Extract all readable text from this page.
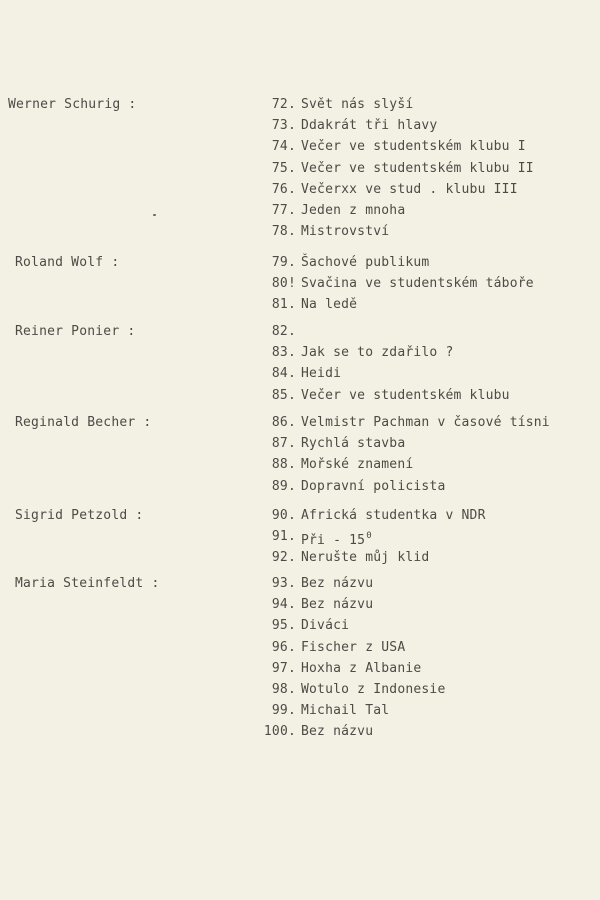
Werner Schurig :	72. Svět nás slyší
73. Ddakrát tři hlavy
74. Večer ve studentském klubu I
75. Večer ve studentském klubu II
76. Večerxx ve stud . klubu III
77. Jeden z mnoha
78. Mistrovství
Roland Wolf :	79. Šachové publikum
80! Svačina ve studentském táboře
81. Na ledě
Reiner Ponier :	82.
83. Jak se to zdařilo ?
84. Heidi
85. Večer ve studentském klubu
Reginald Becher :	86. Velmistr Pachman v časové tísni
87. Rychlá stavba
88. Mořské znamení
89. Dopravní policista
Sigrid Petzold :	90. Africká studentka v NDR
91. Při - $15^0$
92. Nerušte můj klid
Maria Steinfeldt :	93. Bez názvu
94. Bez názvu
95. Diváci
96. Fischer z USA
97. Hoxha z Albanie
98. Wotulo z Indonesie
99. Michail Tal
100. Bez názvu
